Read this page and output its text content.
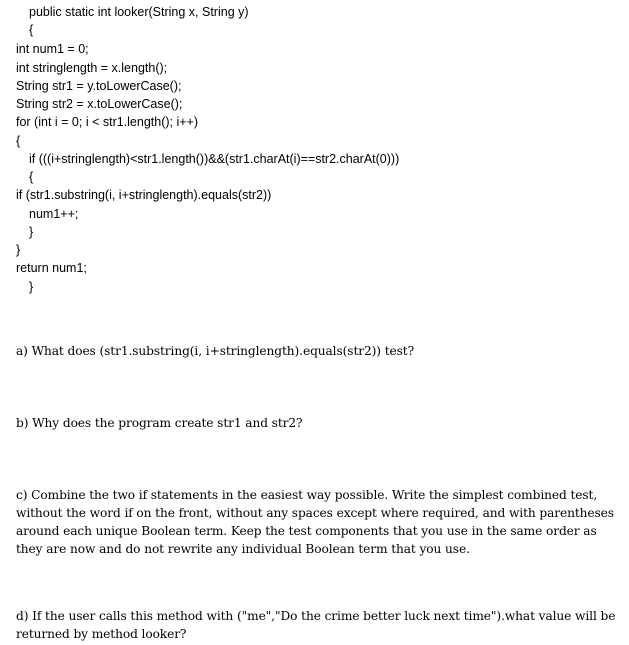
public static int looker(String x, String y)
{
int num1 = 0;
int stringlength = x.length();
String str1 = y.toLowerCase();
String str2 = x.toLowerCase();
for (int i = 0; i < str1.length(); i++)
{
if (((i+stringlength)<str1.length())&&(str1.charAt(i)==str2.charAt(0)))
{
if (str1.substring(i, i+stringlength).equals(str2))
num1++;
}
}
return num1;
}
a) What does (str1.substring(i, i+stringlength).equals(str2)) test?
b) Why does the program create str1 and str2?
c) Combine the two if statements in the easiest way possible. Write the simplest combined test, without the word if on the front, without any spaces except where required, and with parentheses around each unique Boolean term. Keep the test components that you use in the same order as they are now and do not rewrite any individual Boolean term that you use.
d) If the user calls this method with ("me","Do the crime better luck next time").what value will be returned by method looker?
